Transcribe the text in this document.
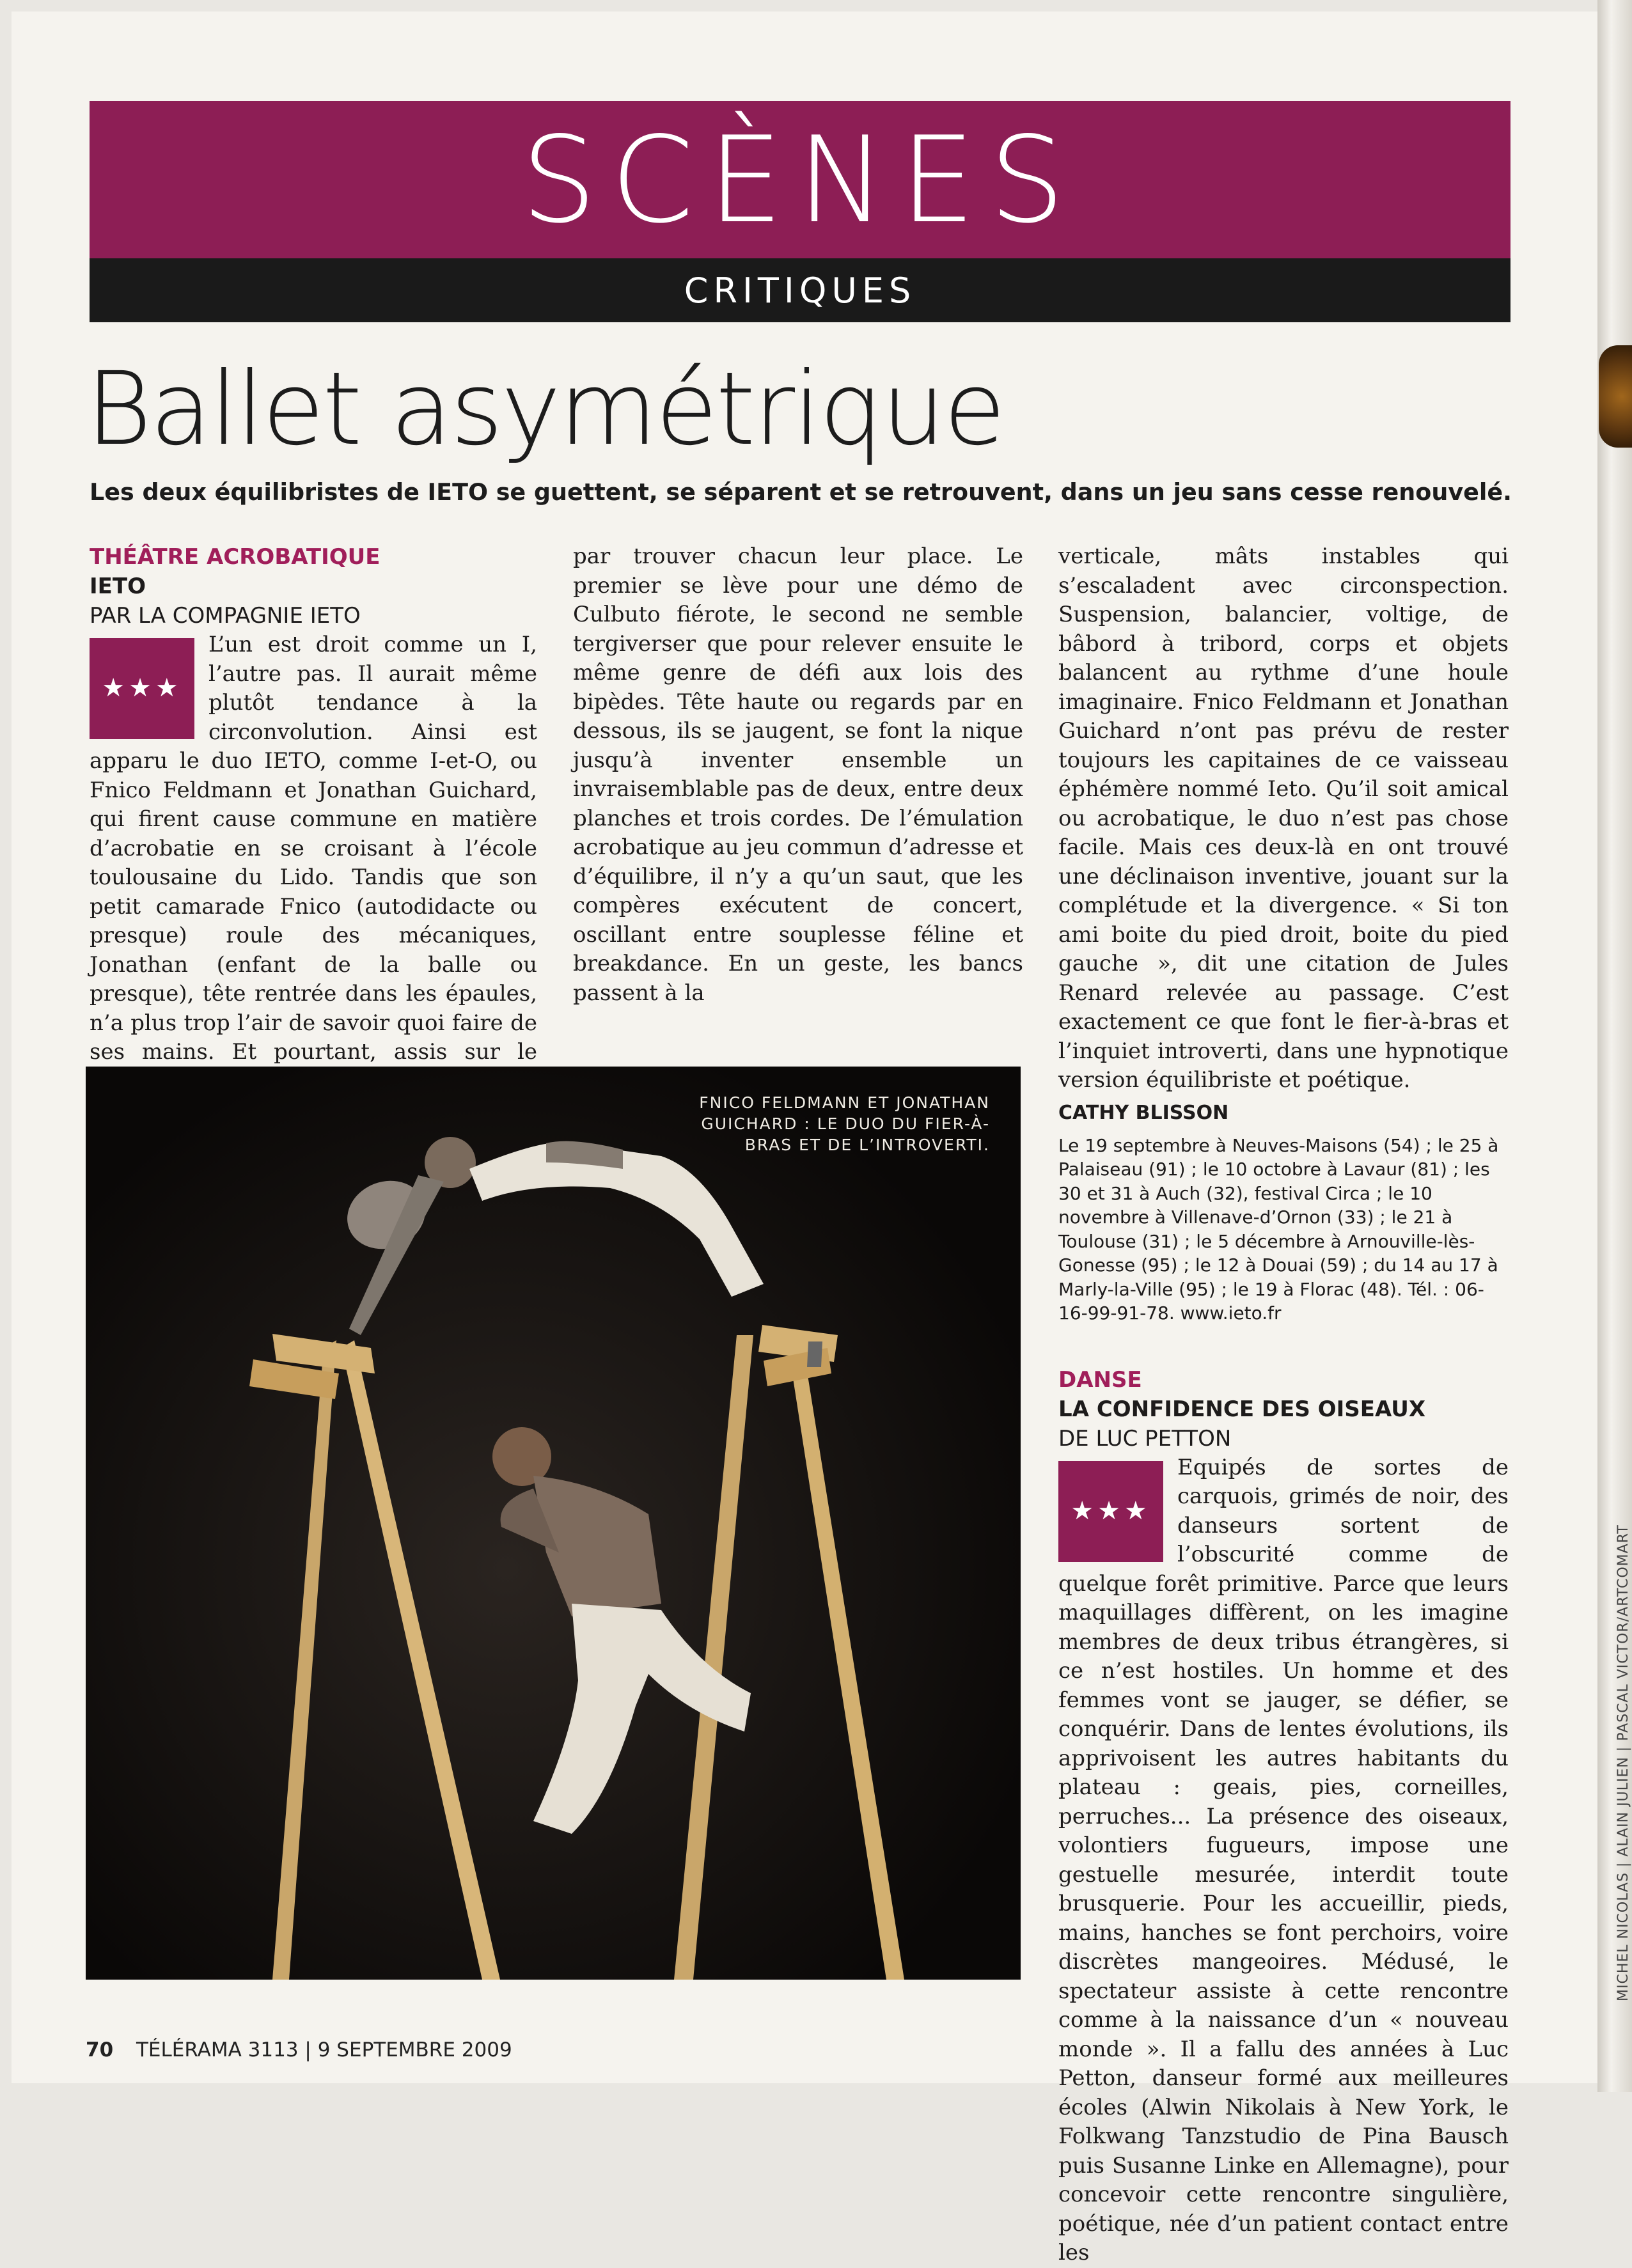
SCÈNES
CRITIQUES
Ballet asymétrique

Les deux équilibristes de IETO se guettent, se séparent et se retrouvent, dans un jeu sans cesse renouvelé.

THÉÂTRE ACROBATIQUE
IETO
PAR LA COMPAGNIE IETO
★★★

L’un est droit comme un I, l’autre pas. Il aurait même plutôt tendance à la circonvolution. Ainsi est apparu le duo IETO, comme I-et-O, ou Fnico Feldmann et Jonathan Guichard, qui firent cause commune en matière d’acrobatie en se croisant à l’école toulousaine du Lido. Tandis que son petit camarade Fnico (autodidacte ou presque) roule des mécaniques, Jonathan (enfant de la balle ou presque), tête rentrée dans les épaules, n’a plus trop l’air de savoir quoi faire de ses mains. Et pourtant, assis sur le

par trouver chacun leur place. Le premier se lève pour une démo de Culbuto fiérote, le second ne semble tergiverser que pour relever ensuite le même genre de défi aux lois des bipèdes. Tête haute ou regards par en dessous, ils se jaugent, se font la nique jusqu’à inventer ensemble un invraisemblable pas de deux, entre deux planches et trois cordes. De l’émulation acrobatique au jeu commun d’adresse et d’équilibre, il n’y a qu’un saut, que les compères exécutent de concert, oscillant entre souplesse féline et breakdance. En un geste, les bancs passent à la

verticale, mâts instables qui s’escaladent avec circonspection. Suspension, balancier, voltige, de bâbord à tribord, corps et objets balancent au rythme d’une houle imaginaire. Fnico Feldmann et Jonathan Guichard n’ont pas prévu de rester toujours les capitaines de ce vaisseau éphémère nommé Ieto. Qu’il soit amical ou acrobatique, le duo n’est pas chose facile. Mais ces deux-là en ont trouvé une déclinaison inventive, jouant sur la complétude et la divergence. « Si ton ami boite du pied droit, boite du pied gauche », dit une citation de Jules Renard relevée au passage. C’est exactement ce que font le fier-à-bras et l’inquiet introverti, dans une hypnotique version équilibriste et poétique.

CATHY BLISSON
Le 19 septembre à Neuves-Maisons (54) ; le 25 à Palaiseau (91) ; le 10 octobre à Lavaur (81) ; les 30 et 31 à Auch (32), festival Circa ; le 10 novembre à Villenave-d’Ornon (33) ; le 21 à Toulouse (31) ; le 5 décembre à Arnouville-lès-Gonesse (95) ; le 12 à Douai (59) ; du 14 au 17 à Marly-la-Ville (95) ; le 19 à Florac (48). Tél. : 06-16-99-91-78. www.ieto.fr
DANSE
LA CONFIDENCE DES OISEAUX
DE LUC PETTON
★★★

Equipés de sortes de carquois, grimés de noir, des danseurs sortent de l’obscurité comme de quelque forêt primitive. Parce que leurs maquillages diffèrent, on les imagine membres de deux tribus étrangères, si ce n’est hostiles. Un homme et des femmes vont se jauger, se défier, se conquérir. Dans de lentes évolutions, ils apprivoisent les autres habitants du plateau : geais, pies, corneilles, perruches... La présence des oiseaux, volontiers fugueurs, impose une gestuelle mesurée, interdit toute brusquerie. Pour les accueillir, pieds, mains, hanches se font perchoirs, voire discrètes mangeoires. Médusé, le spectateur assiste à cette rencontre comme à la naissance d’un « nouveau monde ». Il a fallu des années à Luc Petton, danseur formé aux meilleures écoles (Alwin Nikolais à New York, le Folkwang Tanzstudio de Pina Bausch puis Susanne Linke en Allemagne), pour concevoir cette rencontre singulière, poétique, née d’un patient contact entre les

FNICO FELDMANN ET JONATHAN GUICHARD : LE DUO DU FIER-À-BRAS ET DE L’INTROVERTI.
MICHEL NICOLAS | ALAIN JULIEN | PASCAL VICTOR/ARTCOMART
70 TÉLÉRAMA 3113 | 9 SEPTEMBRE 2009
